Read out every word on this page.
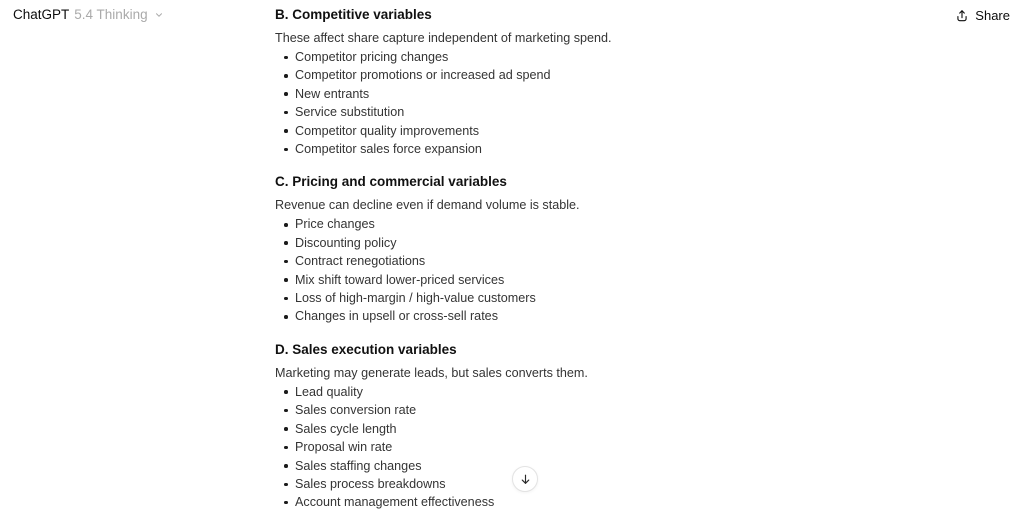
ChatGPT 5.4 Thinking	Share
B. Competitive variables

These affect share capture independent of marketing spend.

Competitor pricing changes
Competitor promotions or increased ad spend
New entrants
Service substitution
Competitor quality improvements
Competitor sales force expansion
C. Pricing and commercial variables

Revenue can decline even if demand volume is stable.

Price changes
Discounting policy
Contract renegotiations
Mix shift toward lower-priced services
Loss of high-margin / high-value customers
Changes in upsell or cross-sell rates
D. Sales execution variables

Marketing may generate leads, but sales converts them.

Lead quality
Sales conversion rate
Sales cycle length
Proposal win rate
Sales staffing changes
Sales process breakdowns
Account management effectiveness
